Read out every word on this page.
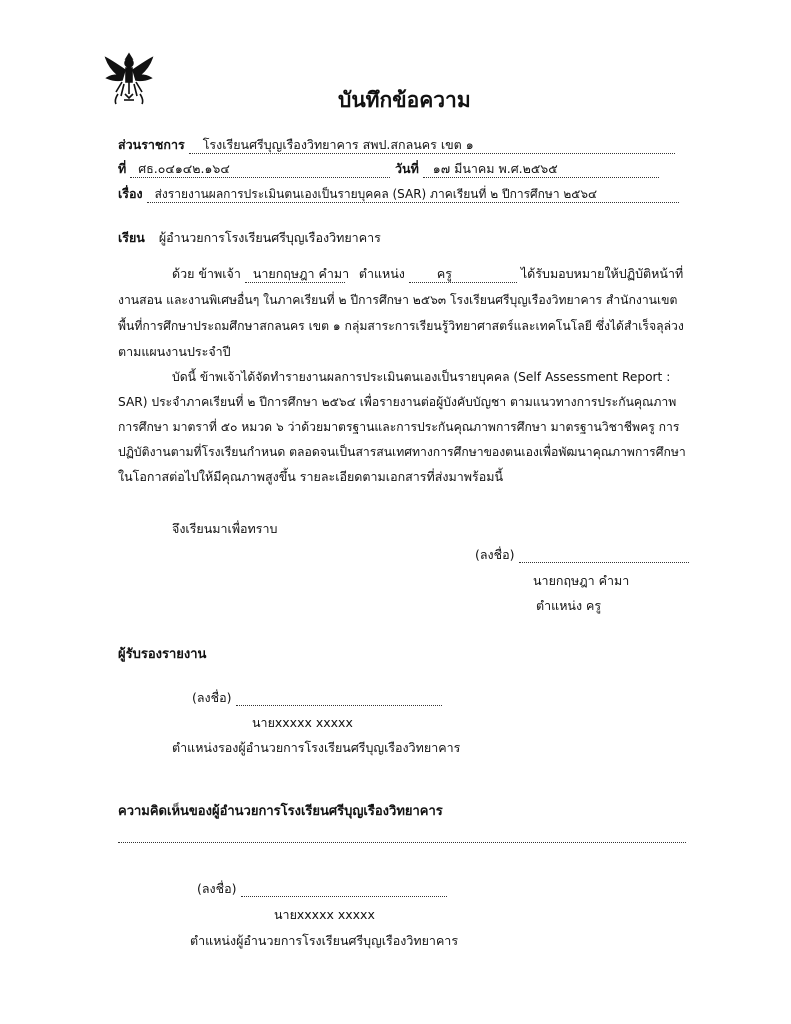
บันทึกข้อความ
ส่วนราชการ โรงเรียนศรีบุญเรืองวิทยาคาร สพป.สกลนคร เขต ๑
ที่ ศธ.๐๔๑๔๒.๑๖๔	วันที่ ๑๗ มีนาคม พ.ศ.๒๕๖๕
เรื่อง ส่งรายงานผลการประเมินตนเองเป็นรายบุคคล (SAR) ภาคเรียนที่ ๒ ปีการศึกษา ๒๕๖๔
เรียน ผู้อำนวยการโรงเรียนศรีบุญเรืองวิทยาคาร
ด้วย ข้าพเจ้า นายกฤษฎา คำมา ตำแหน่ง	ครู	ได้รับมอบหมายให้ปฏิบัติหน้าที่
งานสอน และงานพิเศษอื่นๆ ในภาคเรียนที่ ๒ ปีการศึกษา ๒๕๖๓ โรงเรียนศรีบุญเรืองวิทยาคาร สำนักงานเขต
พื้นที่การศึกษาประถมศึกษาสกลนคร เขต ๑ กลุ่มสาระการเรียนรู้วิทยาศาสตร์และเทคโนโลยี ซึ่งได้สำเร็จลุล่วง
ตามแผนงานประจำปี
บัดนี้ ข้าพเจ้าได้จัดทำรายงานผลการประเมินตนเองเป็นรายบุคคล (Self Assessment Report :
SAR) ประจำภาคเรียนที่ ๒ ปีการศึกษา ๒๕๖๔ เพื่อรายงานต่อผู้บังคับบัญชา ตามแนวทางการประกันคุณภาพ
การศึกษา มาตราที่ ๕๐ หมวด ๖ ว่าด้วยมาตรฐานและการประกันคุณภาพการศึกษา มาตรฐานวิชาชีพครู การ
ปฏิบัติงานตามที่โรงเรียนกำหนด ตลอดจนเป็นสารสนเทศทางการศึกษาของตนเองเพื่อพัฒนาคุณภาพการศึกษา
ในโอกาสต่อไปให้มีคุณภาพสูงขึ้น รายละเอียดตามเอกสารที่ส่งมาพร้อมนี้
จึงเรียนมาเพื่อทราบ
(ลงชื่อ)
นายกฤษฎา คำมา
ตำแหน่ง ครู
ผู้รับรองรายงาน
(ลงชื่อ)
นายxxxxx xxxxx
ตำแหน่งรองผู้อำนวยการโรงเรียนศรีบุญเรืองวิทยาคาร
ความคิดเห็นของผู้อำนวยการโรงเรียนศรีบุญเรืองวิทยาคาร
(ลงชื่อ)
นายxxxxx xxxxx
ตำแหน่งผู้อำนวยการโรงเรียนศรีบุญเรืองวิทยาคาร
